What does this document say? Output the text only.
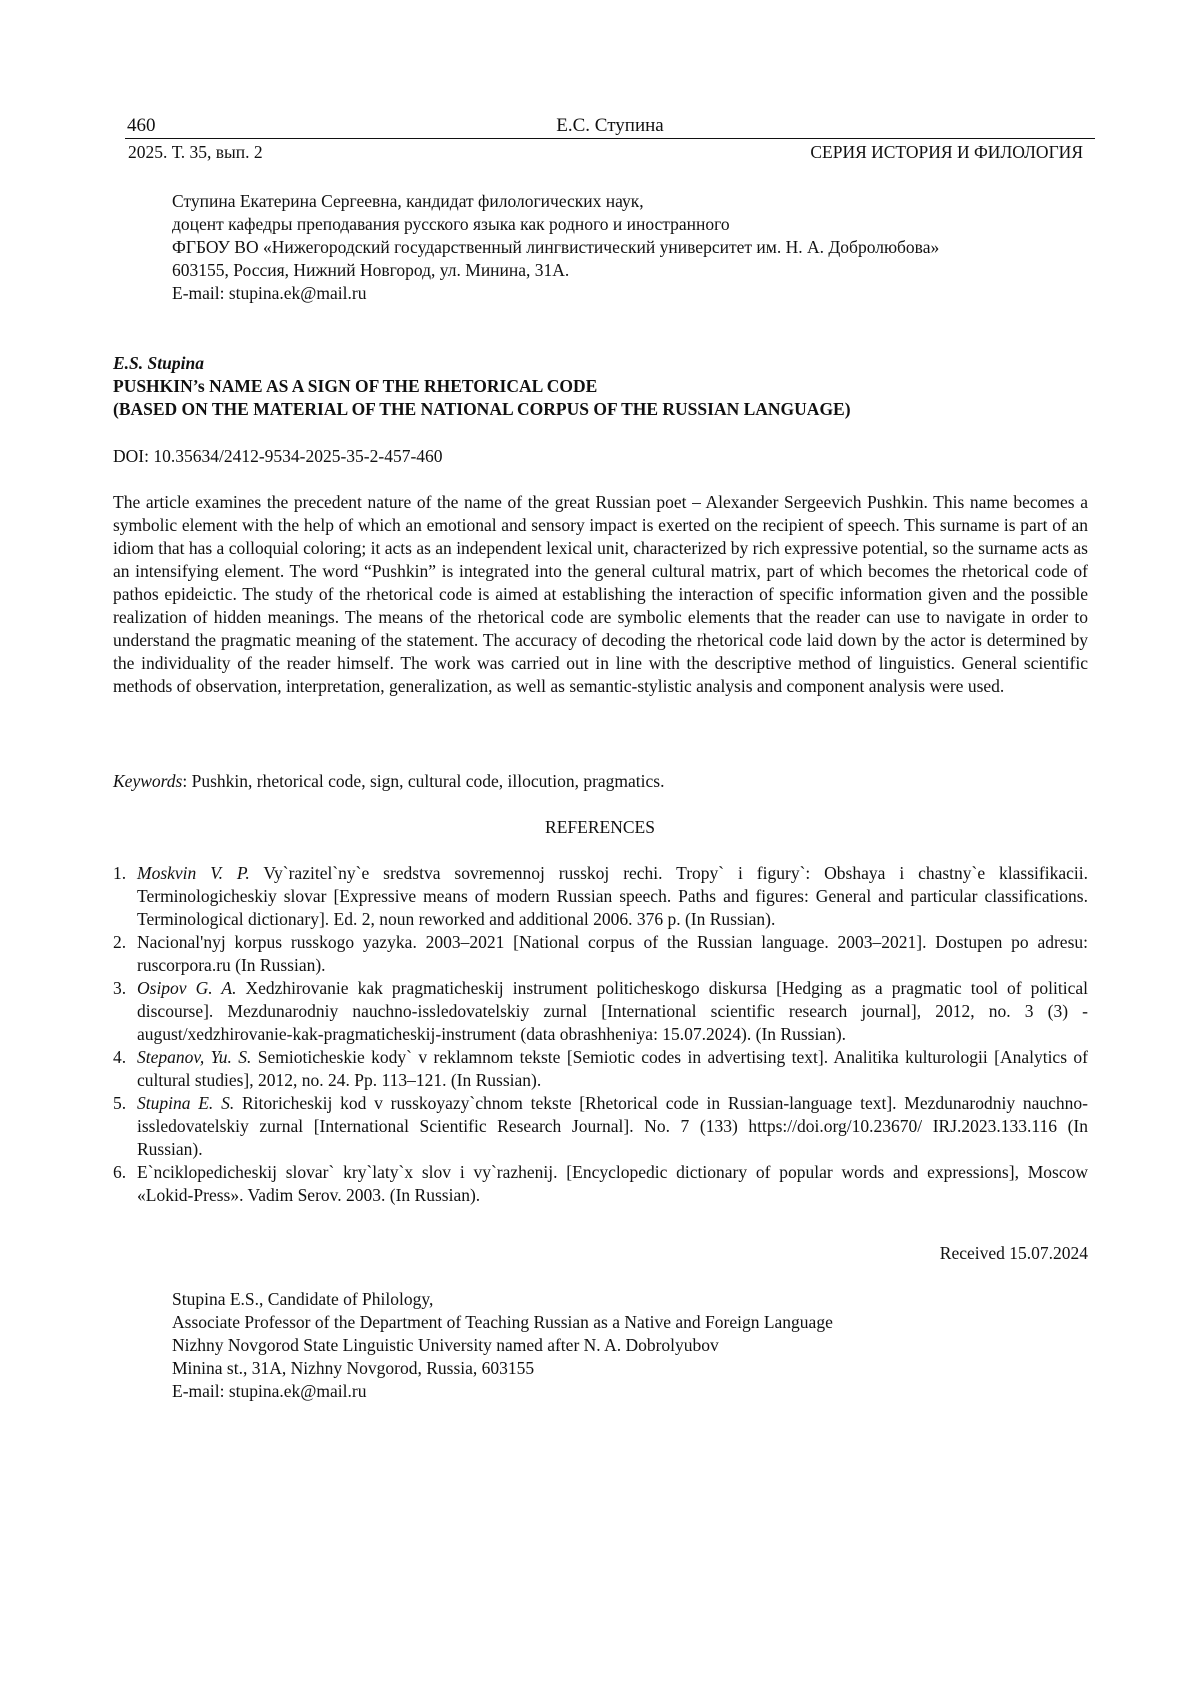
460	Е.С. Ступина
2025. Т. 35, вып. 2	СЕРИЯ ИСТОРИЯ И ФИЛОЛОГИЯ
Ступина Екатерина Сергеевна, кандидат филологических наук,
доцент кафедры преподавания русского языка как родного и иностранного
ФГБОУ ВО «Нижегородский государственный лингвистический университет им. Н. А. Добролюбова»
603155, Россия, Нижний Новгород, ул. Минина, 31А.
E-mail: stupina.ek@mail.ru
E.S. Stupina
PUSHKIN’s NAME AS A SIGN OF THE RHETORICAL CODE
(BASED ON THE MATERIAL OF THE NATIONAL CORPUS OF THE RUSSIAN LANGUAGE)
DOI: 10.35634/2412-9534-2025-35-2-457-460
The article examines the precedent nature of the name of the great Russian poet – Alexander Sergeevich Pushkin. This name becomes a symbolic element with the help of which an emotional and sensory impact is exerted on the recipient of speech. This surname is part of an idiom that has a colloquial coloring; it acts as an independent lexical unit, characterized by rich expressive potential, so the surname acts as an intensifying element. The word “Pushkin” is integrated into the general cultural matrix, part of which becomes the rhetorical code of pathos epideictic. The study of the rhetorical code is aimed at establishing the interaction of specific information given and the possible realization of hidden meanings. The means of the rhetorical code are symbolic elements that the reader can use to navigate in order to understand the pragmatic meaning of the statement. The accuracy of decoding the rhetorical code laid down by the actor is determined by the individuality of the reader himself. The work was carried out in line with the descriptive method of linguistics. General scientific methods of observation, interpretation, generalization, as well as semantic-stylistic analysis and component analysis were used.
Keywords: Pushkin, rhetorical code, sign, cultural code, illocution, pragmatics.
REFERENCES
1. Moskvin V. P. Vy`razitel`ny`e sredstva sovremennoj russkoj rechi. Tropy` i figury`: Obshaya i chastny`e klassifikacii. Terminologicheskiy slovar [Expressive means of modern Russian speech. Paths and figures: General and particular classifications. Terminological dictionary]. Ed. 2, noun reworked and additional 2006. 376 p. (In Russian).
2. Nacional'nyj korpus russkogo yazyka. 2003‒2021 [National corpus of the Russian language. 2003‒2021]. Dostupen po adresu: ruscorpora.ru (In Russian).
3. Osipov G. A. Xedzhirovanie kak pragmaticheskij instrument politicheskogo diskursa [Hedging as a pragmatic tool of political discourse]. Mezdunarodniy nauchno-issledovatelskiy zurnal [International scientific research journal], 2012, no. 3 (3) -august/xedzhirovanie-kak-pragmaticheskij-instrument (data obrashheniya: 15.07.2024). (In Russian).
4. Stepanov, Yu. S. Semioticheskie kody` v reklamnom tekste [Semiotic codes in advertising text]. Analitika kulturologii [Analytics of cultural studies], 2012, no. 24. Pp. 113‒121. (In Russian).
5. Stupina E. S. Ritoricheskij kod v russkoyazy`chnom tekste [Rhetorical code in Russian-language text]. Mezdunarodniy nauchno-issledovatelskiy zurnal [International Scientific Research Journal]. No. 7 (133) https://doi.org/10.23670/ IRJ.2023.133.116 (In Russian).
6. E`nciklopedicheskij slovar` kry`laty`x slov i vy`razhenij. [Encyclopedic dictionary of popular words and expressions], Moscow «Lokid-Press». Vadim Serov. 2003. (In Russian).
Received 15.07.2024
Stupina E.S., Candidate of Philology,
Associate Professor of the Department of Teaching Russian as a Native and Foreign Language
Nizhny Novgorod State Linguistic University named after N. A. Dobrolyubov
Minina st., 31A, Nizhny Novgorod, Russia, 603155
E-mail: stupina.ek@mail.ru
